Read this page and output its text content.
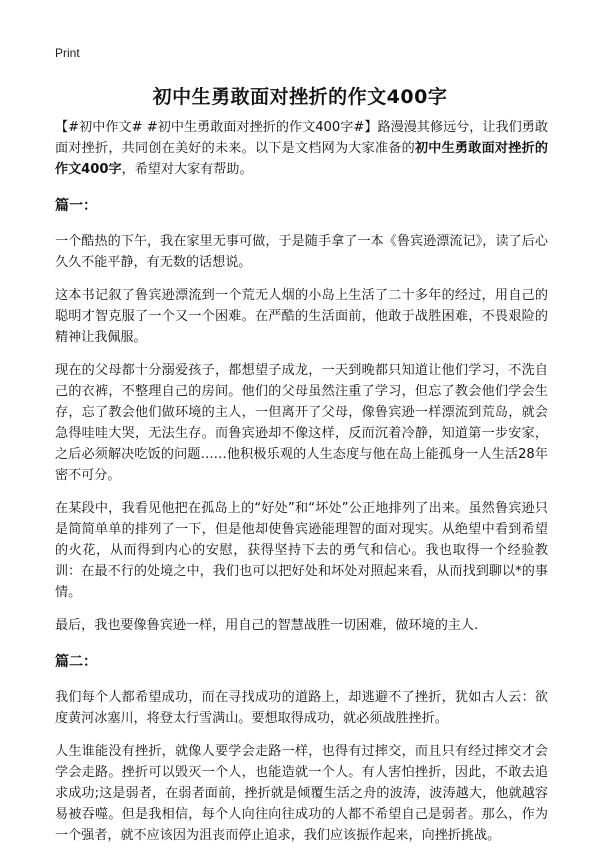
Print
初中生勇敢面对挫折的作文400字

【#初中作文# #初中生勇敢面对挫折的作文400字#】路漫漫其修远兮，让我们勇敢面对挫折，共同创在美好的未来。以下是文档网为大家准备的初中生勇敢面对挫折的作文400字，希望对大家有帮助。

篇一：

一个酷热的下午，我在家里无事可做，于是随手拿了一本《鲁宾逊漂流记》，读了后心久久不能平静，有无数的话想说。

这本书记叙了鲁宾逊漂流到一个荒无人烟的小岛上生活了二十多年的经过，用自己的聪明才智克服了一个又一个困难。在严酷的生活面前，他敢于战胜困难，不畏艰险的精神让我佩服。

现在的父母都十分溺爱孩子，都想望子成龙，一天到晚都只知道让他们学习，不洗自己的衣裤，不整理自己的房间。他们的父母虽然注重了学习，但忘了教会他们学会生存，忘了教会他们做环境的主人，一但离开了父母，像鲁宾逊一样漂流到荒岛，就会急得哇哇大哭，无法生存。而鲁宾逊却不像这样，反而沉着冷静，知道第一步安家，之后必须解决吃饭的问题……他积极乐观的人生态度与他在岛上能孤身一人生活28年密不可分。

在某段中，我看见他把在孤岛上的“好处”和“坏处”公正地排列了出来。虽然鲁宾逊只是简简单单的排列了一下，但是他却使鲁宾逊能理智的面对现实。从绝望中看到希望的火花，从而得到内心的安慰，获得坚持下去的勇气和信心。我也取得一个经验教训：在最不行的处境之中，我们也可以把好处和坏处对照起来看，从而找到聊以*的事情。

最后，我也要像鲁宾逊一样，用自己的智慧战胜一切困难，做环境的主人.

篇二：

我们每个人都希望成功，而在寻找成功的道路上，却逃避不了挫折，犹如古人云：欲度黄河冰塞川，将登太行雪满山。要想取得成功，就必须战胜挫折。

人生谁能没有挫折，就像人要学会走路一样，也得有过摔交，而且只有经过摔交才会学会走路。挫折可以毁灭一个人，也能造就一个人。有人害怕挫折，因此，不敢去追求成功;这是弱者，在弱者面前，挫折就是倾覆生活之舟的波涛，波涛越大，他就越容易被吞噬。但是我相信，每个人向往向往成功的人都不希望自己是弱者。那么，作为一个强者，就不应该因为沮丧而停止追求，我们应该振作起来，向挫折挑战。
